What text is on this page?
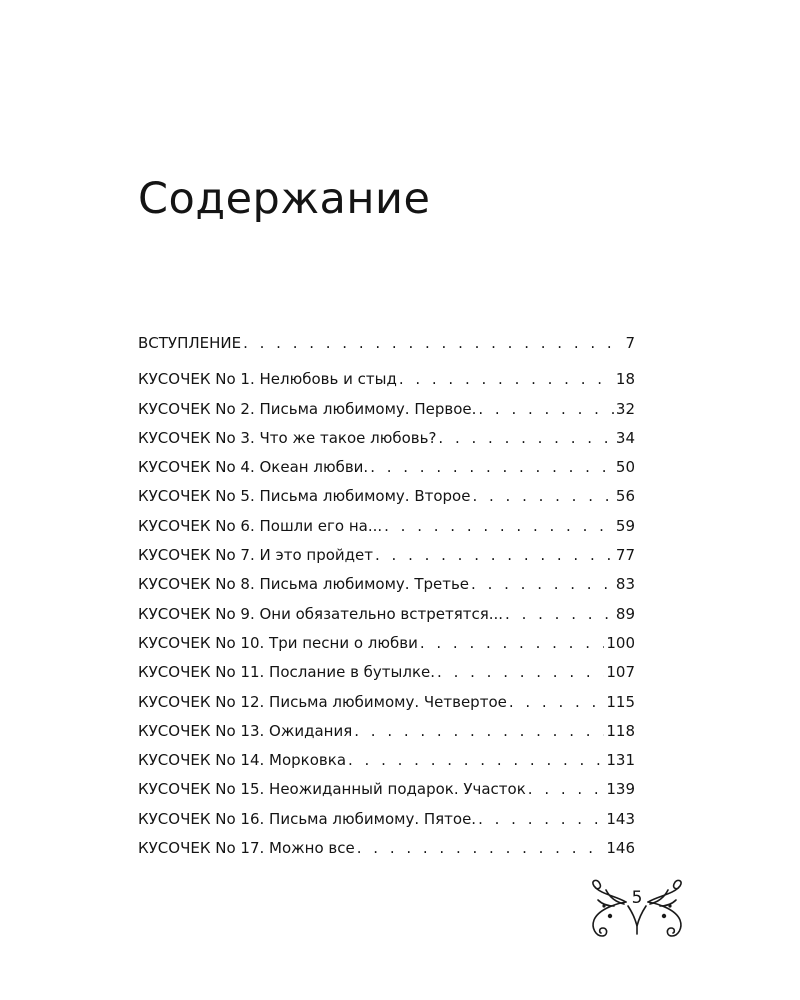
Содержание
ВСТУПЛЕНИЕ . . .	7
КУСОЧЕК No 1. Нелюбовь и стыд . . .	18
КУСОЧЕК No 2. Письма любимому. Первое. . . .	32
КУСОЧЕК No 3. Что же такое любовь? . . .	34
КУСОЧЕК No 4. Океан любви. . . .	50
КУСОЧЕК No 5. Письма любимому. Второе . . .	56
КУСОЧЕК No 6. Пошли его на... . . .	59
КУСОЧЕК No 7. И это пройдет . . .	77
КУСОЧЕК No 8. Письма любимому. Третье . . .	83
КУСОЧЕК No 9. Они обязательно встретятся... . . .	89
КУСОЧЕК No 10. Три песни о любви . . .	100
КУСОЧЕК No 11. Послание в бутылке. . . .	107
КУСОЧЕК No 12. Письма любимому. Четвертое . . .	115
КУСОЧЕК No 13. Ожидания . . .	118
КУСОЧЕК No 14. Морковка . . .	131
КУСОЧЕК No 15. Неожиданный подарок. Участок . . .	139
КУСОЧЕК No 16. Письма любимому. Пятое. . . .	143
КУСОЧЕК No 17. Можно все . . .	146
5
